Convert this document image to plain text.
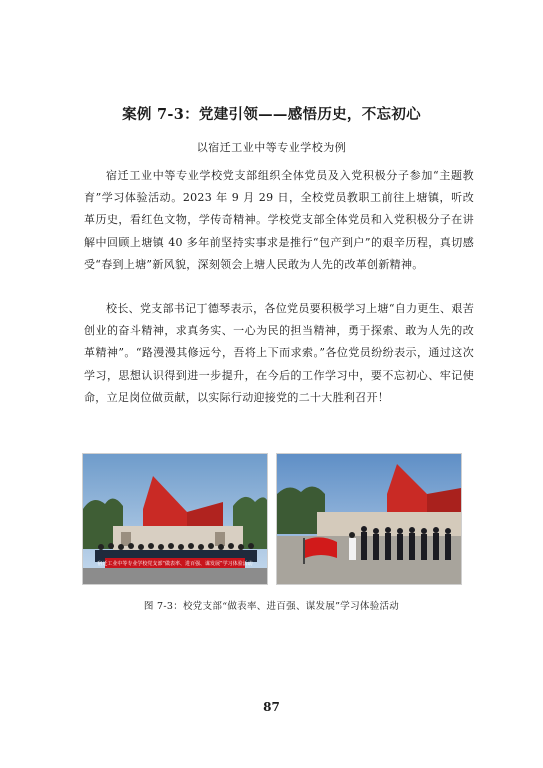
案例 7-3：党建引领——感悟历史，不忘初心
以宿迁工业中等专业学校为例

宿迁工业中等专业学校党支部组织全体党员及入党积极分子参加“主题教育”学习体验活动。2023 年 9 月 29 日，全校党员教职工前往上塘镇，听改革历史，看红色文物，学传奇精神。学校党支部全体党员和入党积极分子在讲解中回顾上塘镇 40 多年前坚持实事求是推行“包产到户”的艰辛历程，真切感受“春到上塘”新风貌，深刻领会上塘人民敢为人先的改革创新精神。

校长、党支部书记丁德琴表示，各位党员要积极学习上塘“自力更生、艰苦创业的奋斗精神，求真务实、一心为民的担当精神，勇于探索、敢为人先的改革精神”。“路漫漫其修远兮，吾将上下而求索。”各位党员纷纷表示，通过这次学习，思想认识得到进一步提升，在今后的工作学习中，要不忘初心、牢记使命，立足岗位做贡献，以实际行动迎接党的二十大胜利召开！

宿迁工业中等专业学校党支部“做表率、进百强、谋发展”学习体验活动
图 7-3：校党支部“做表率、进百强、谋发展”学习体验活动
87
